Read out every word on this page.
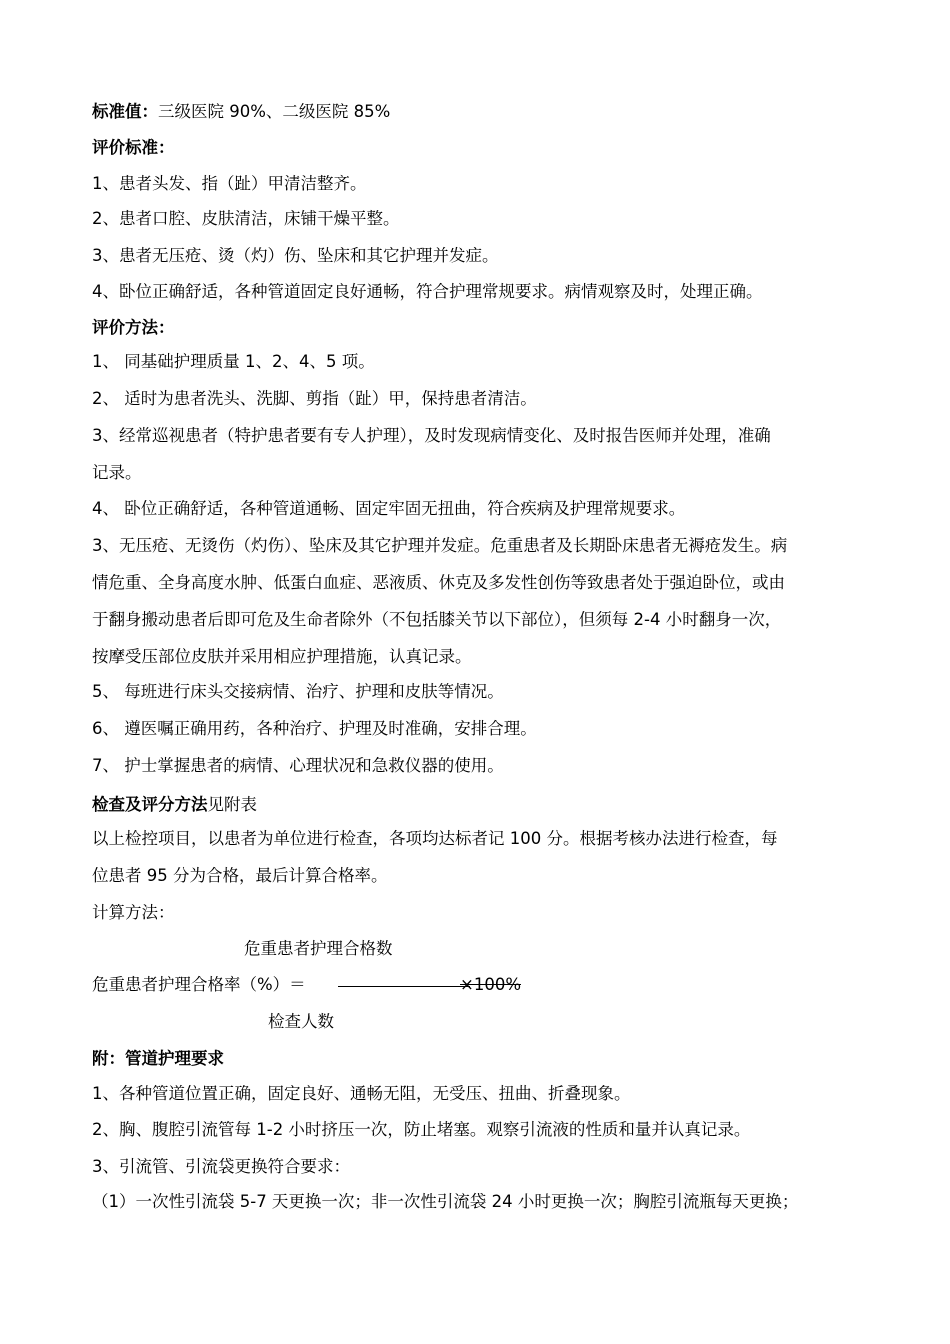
标准值：三级医院 90%、二级医院 85%
评价标准：
1、患者头发、指（趾）甲清洁整齐。
2、患者口腔、皮肤清洁，床铺干燥平整。
3、患者无压疮、烫（灼）伤、坠床和其它护理并发症。
4、卧位正确舒适，各种管道固定良好通畅，符合护理常规要求。病情观察及时，处理正确。
评价方法：
1、 同基础护理质量 1、2、4、5 项。
2、 适时为患者洗头、洗脚、剪指（趾）甲，保持患者清洁。
3、经常巡视患者（特护患者要有专人护理），及时发现病情变化、及时报告医师并处理，准确
记录。
4、 卧位正确舒适，各种管道通畅、固定牢固无扭曲，符合疾病及护理常规要求。
3、无压疮、无烫伤（灼伤）、坠床及其它护理并发症。危重患者及长期卧床患者无褥疮发生。病
情危重、全身高度水肿、低蛋白血症、恶液质、休克及多发性创伤等致患者处于强迫卧位，或由
于翻身搬动患者后即可危及生命者除外（不包括膝关节以下部位），但须每 2-4 小时翻身一次，
按摩受压部位皮肤并采用相应护理措施，认真记录。
5、 每班进行床头交接病情、治疗、护理和皮肤等情况。
6、 遵医嘱正确用药，各种治疗、护理及时准确，安排合理。
7、 护士掌握患者的病情、心理状况和急救仪器的使用。
检查及评分方法见附表
以上检控项目，以患者为单位进行检查，各项均达标者记 100 分。根据考核办法进行检查，每
位患者 95 分为合格，最后计算合格率。
计算方法：
危重患者护理合格数
危重患者护理合格率（%）＝	×100%
检查人数
附：管道护理要求
1、各种管道位置正确，固定良好、通畅无阻，无受压、扭曲、折叠现象。
2、胸、腹腔引流管每 1-2 小时挤压一次，防止堵塞。观察引流液的性质和量并认真记录。
3、引流管、引流袋更换符合要求：
（1）一次性引流袋 5-7 天更换一次；非一次性引流袋 24 小时更换一次；胸腔引流瓶每天更换；
